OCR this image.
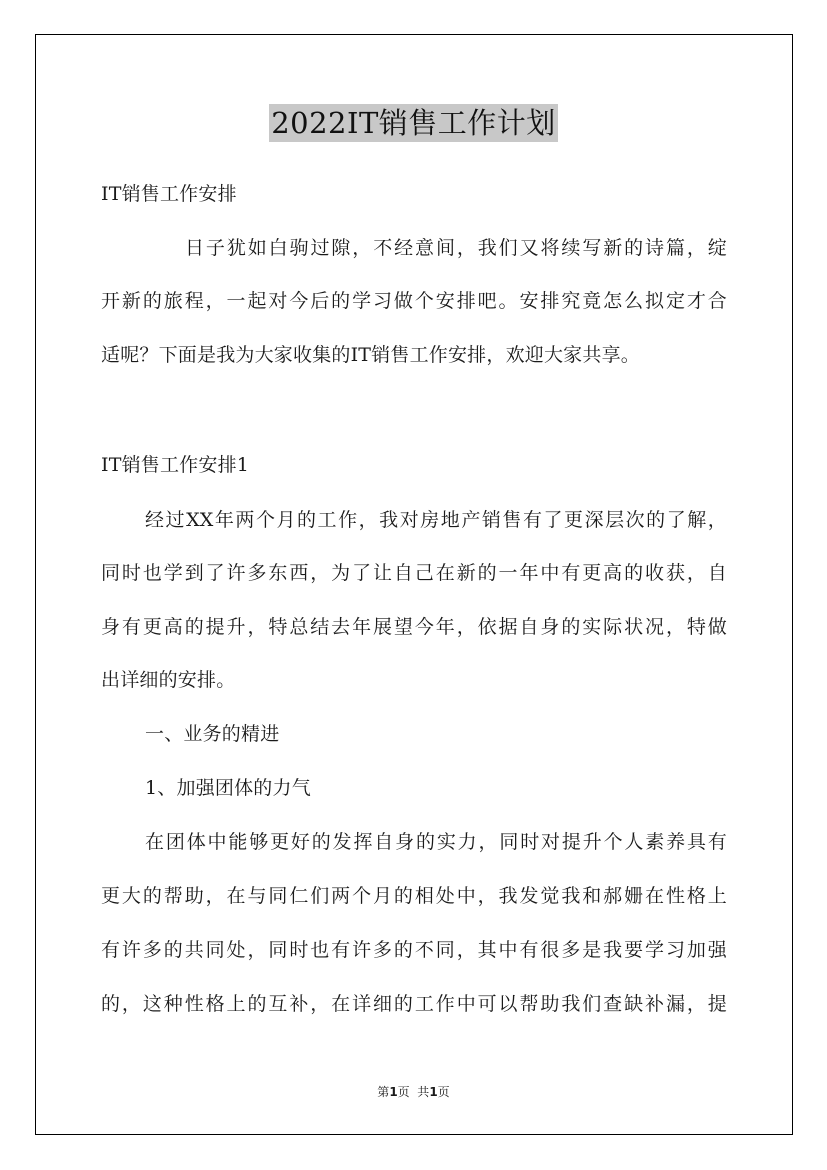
2022IT销售工作计划
IT销售工作安排
日子犹如白驹过隙，不经意间，我们又将续写新的诗篇，绽
开新的旅程，一起对今后的学习做个安排吧。安排究竟怎么拟定才合
适呢？下面是我为大家收集的IT销售工作安排，欢迎大家共享。
IT销售工作安排1
经过XX年两个月的工作，我对房地产销售有了更深层次的了解，
同时也学到了许多东西，为了让自己在新的一年中有更高的收获，自
身有更高的提升，特总结去年展望今年，依据自身的实际状况，特做
出详细的安排。
一、业务的精进
1、加强团体的力气
在团体中能够更好的发挥自身的实力，同时对提升个人素养具有
更大的帮助，在与同仁们两个月的相处中，我发觉我和郝姗在性格上
有许多的共同处，同时也有许多的不同，其中有很多是我要学习加强
的，这种性格上的互补，在详细的工作中可以帮助我们查缺补漏，提
第1页  共1页
